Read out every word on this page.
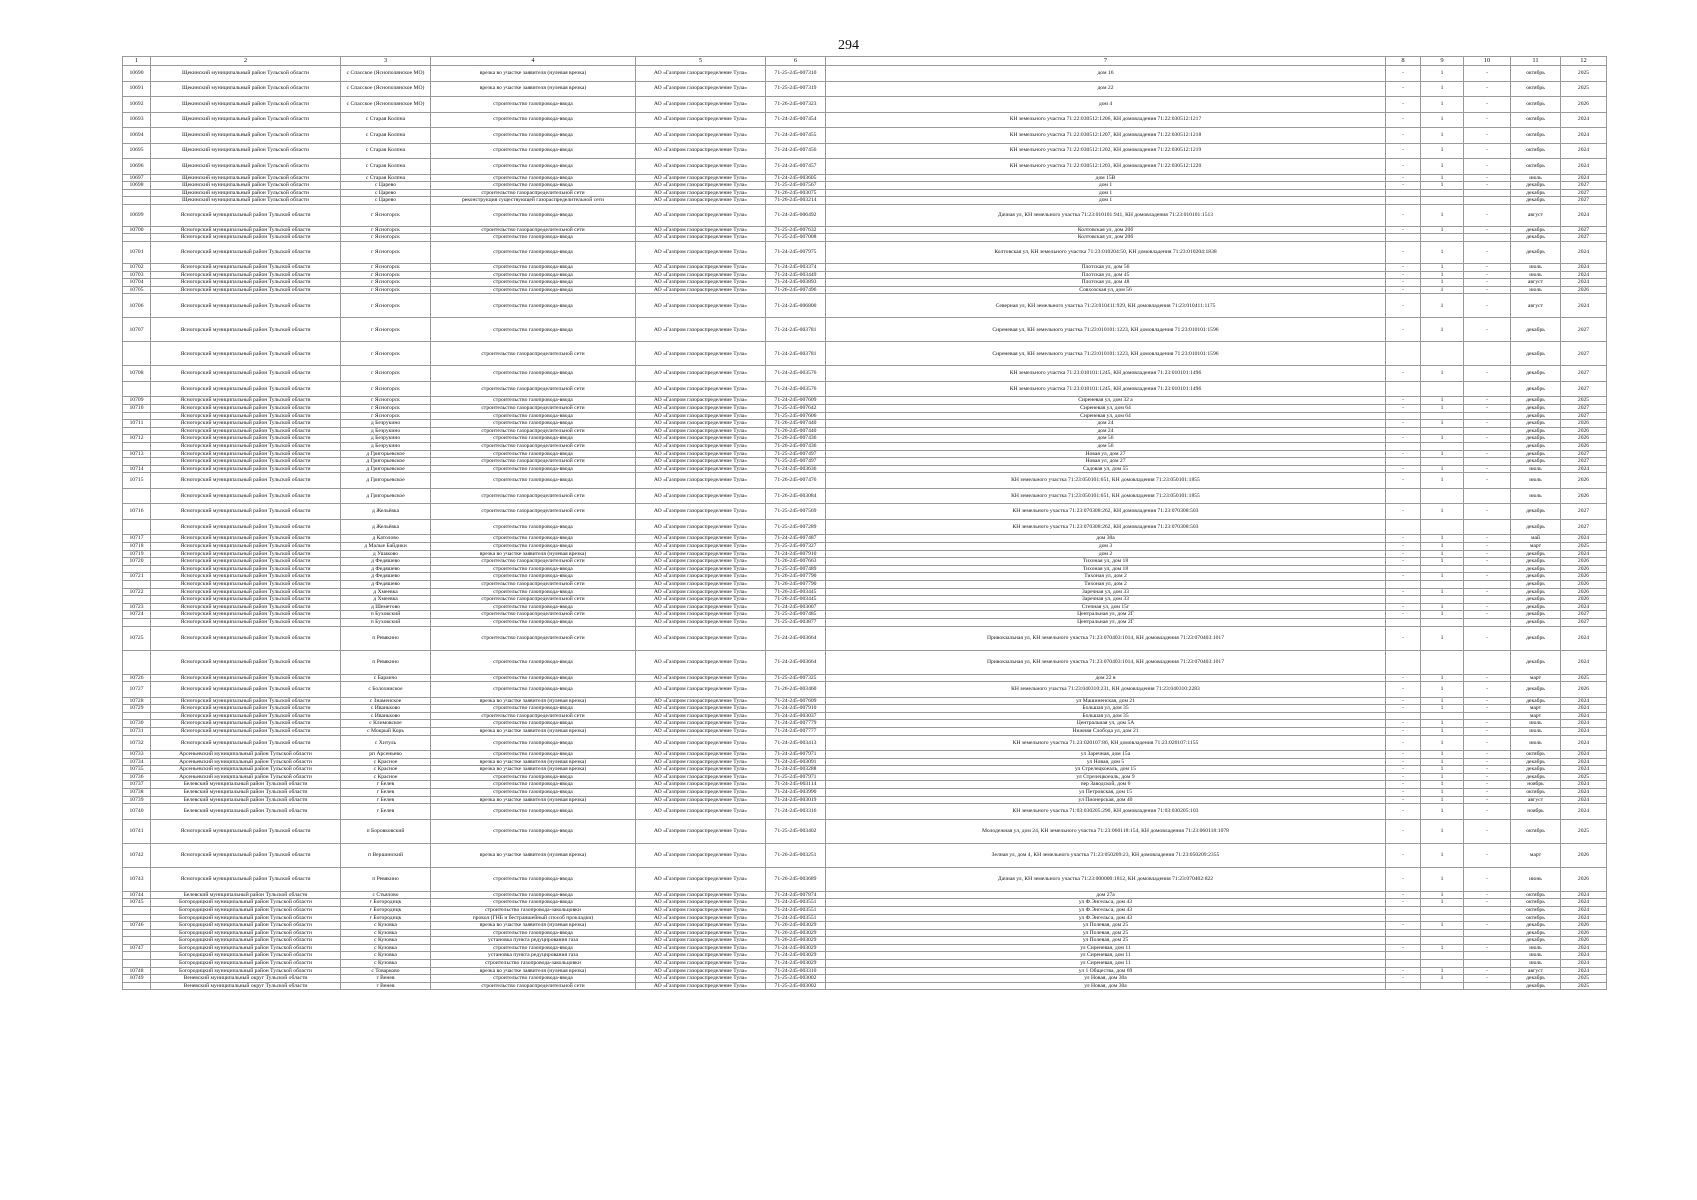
294
1	2	3	4	5	6	7	8	9	10	11	12
10690	Щекинский муниципальный район Тульской области	с Спасское (Яснополянское МО)	врезка во участке заявителя (нулевая врезка)	АО «Газпром газораспределение Тула»	71-25-245-007310	дом 16	-	1	-	октябрь	2025
10691	Щекинский муниципальный район Тульской области	с Спасское (Яснополянское МО)	врезка во участке заявителя (нулевая врезка)	АО «Газпром газораспределение Тула»	71-25-245-007319	дом 22	-	1	-	октябрь	2025
10692	Щекинский муниципальный район Тульской области	с Спасское (Яснополянское МО)	строительство газопровода-ввода	АО «Газпром газораспределение Тула»	71-26-245-007323	дом 4	-	1	-	октябрь	2026
10693	Щекинский муниципальный район Тульской области	с Старая Колпна	строительство газопровода-ввода	АО «Газпром газораспределение Тула»	71-24-245-007454	КН земельного участка 71:22:030512:1206, КН домовладения 71:22:030512:1217	-	1	-	октябрь	2024
10694	Щекинский муниципальный район Тульской области	с Старая Колпна	строительство газопровода-ввода	АО «Газпром газораспределение Тула»	71-24-245-007455	КН земельного участка 71:22:030512:1207, КН домовладения 71:22:030512:1218	-	1	-	октябрь	2024
10695	Щекинский муниципальный район Тульской области	с Старая Колпна	строительство газопровода-ввода	АО «Газпром газораспределение Тула»	71-24-245-007456	КН земельного участка 71:22:030512:1202, КН домовладения 71:22:030512:1219	-	1	-	октябрь	2024
10696	Щекинский муниципальный район Тульской области	с Старая Колпна	строительство газопровода-ввода	АО «Газпром газораспределение Тула»	71-24-245-007457	КН земельного участка 71:22:030512:1203, КН домовладения 71:22:030512:1220	-	1	-	октябрь	2024
10697	Щекинский муниципальный район Тульской области	с Старая Колпна	строительство газопровода-ввода	АО «Газпром газораспределение Тула»	71-24-245-003605	дом 15В	-	1	-	июль	2024
10698	Щекинский муниципальный район Тульской области	с Царево	строительство газопровода-ввода	АО «Газпром газораспределение Тула»	71-25-245-007567	дом 1	-	1	-	декабрь	2027
	Щекинский муниципальный район Тульской области	с Царево	строительство газораспределительной сети	АО «Газпром газораспределение Тула»	71-26-245-003075	дом 1				декабрь	2027
	Щекинский муниципальный район Тульской области	с Царево	реконструкция существующей газораспределительной сети	АО «Газпром газораспределение Тула»	71-26-245-003214	дом 1				декабрь	2027
10699	Ясногорский муниципальный район Тульской области	г Ясногорск	строительство газопровода-ввода	АО «Газпром газораспределение Тула»	71-24-245-006492	Дачная ул, КН земельного участка 71:23:010101:941, КН домовладения 71:23:010101:1513	-	1	-	август	2024
10700	Ясногорский муниципальный район Тульской области	г Ясногорск	строительство газораспределительной сети	АО «Газпром газораспределение Тула»	71-25-245-007632	Колтовская ул, дом 20б	-	1	-	декабрь	2027
	Ясногорский муниципальный район Тульской области	г Ясногорск	строительство газопровода-ввода	АО «Газпром газораспределение Тула»	71-25-245-007008	Колтовская ул, дом 20б				декабрь	2027
10701	Ясногорский муниципальный район Тульской области	г Ясногорск	строительство газопровода-ввода	АО «Газпром газораспределение Тула»	71-24-245-007975	Колтовская ул, КН земельного участка 71:23:010204:50, КН домовладения 71:23:010204:1838	-	1	-	декабрь	2024
10702	Ясногорский муниципальный район Тульской области	г Ясногорск	строительство газопровода-ввода	АО «Газпром газораспределение Тула»	71-24-245-003374	Плотская ул, дом 56	-	1	-	июль	2024
10703	Ясногорский муниципальный район Тульской области	г Ясногорск	строительство газопровода-ввода	АО «Газпром газораспределение Тула»	71-24-245-003449	Плотская ул, дом 45	-	1	-	июль	2024
10704	Ясногорский муниципальный район Тульской области	г Ясногорск	строительство газопровода-ввода	АО «Газпром газораспределение Тула»	71-24-245-003893	Плотская ул, дом 48	-	1	-	август	2024
10705	Ясногорский муниципальный район Тульской области	г Ясногорск	строительство газопровода-ввода	АО «Газпром газораспределение Тула»	71-26-245-007496	Совхозская ул, дом 56	-	1	-	июль	2026
10706	Ясногорский муниципальный район Тульской области	г Ясногорск	строительство газопровода-ввода	АО «Газпром газораспределение Тула»	71-24-245-006800	Северная ул, КН земельного участка 71:23:010411:929, КН домовладения 71:23:010411:1175	-	1	-	август	2024
10707	Ясногорский муниципальный район Тульской области	г Ясногорск	строительство газопровода-ввода	АО «Газпром газораспределение Тула»	71-24-245-003781	Сиреневая ул, КН земельного участка 71:23:010101:1223, КН домовладения 71:23:010101:1596	-	1	-	декабрь	2027
	Ясногорский муниципальный район Тульской области	г Ясногорск	строительство газораспределительной сети	АО «Газпром газораспределение Тула»	71-24-245-003781	Сиреневая ул, КН земельного участка 71:23:010101:1223, КН домовладения 71:23:010101:1596				декабрь	2027
10708	Ясногорский муниципальный район Тульской области	г Ясногорск	строительство газопровода-ввода	АО «Газпром газораспределение Тула»	71-24-245-003576	КН земельного участка 71:23:010101:1245, КН домовладения 71:23:010101:1496	-	1	-	декабрь	2027
	Ясногорский муниципальный район Тульской области	г Ясногорск	строительство газораспределительной сети	АО «Газпром газораспределение Тула»	71-24-245-003576	КН земельного участка 71:23:010101:1245, КН домовладения 71:23:010101:1496				декабрь	2027
10709	Ясногорский муниципальный район Тульской области	г Ясногорск	строительство газопровода-ввода	АО «Газпром газораспределение Тула»	71-24-245-007609	Сиреневая ул, дом 32 а	-	1	-	декабрь	2025
10710	Ясногорский муниципальный район Тульской области	г Ясногорск	строительство газораспределительной сети	АО «Газпром газораспределение Тула»	71-25-245-007642	Сиреневая ул, дом 64	-	1	-	декабрь	2027
	Ясногорский муниципальный район Тульской области	г Ясногорск	строительство газопровода-ввода	АО «Газпром газораспределение Тула»	71-25-245-007606	Сиреневая ул, дом 64				декабрь	2027
10711	Ясногорский муниципальный район Тульской области	д Безрукино	строительство газопровода-ввода	АО «Газпром газораспределение Тула»	71-26-245-007440	дом 24	-	1	-	декабрь	2026
	Ясногорский муниципальный район Тульской области	д Безрукино	строительство газораспределительной сети	АО «Газпром газораспределение Тула»	71-26-245-007440	дом 24				декабрь	2026
10712	Ясногорский муниципальный район Тульской области	д Безрукино	строительство газопровода-ввода	АО «Газпром газораспределение Тула»	71-26-245-007436	дом 56	-	1	-	декабрь	2026
	Ясногорский муниципальный район Тульской области	д Безрукино	строительство газораспределительной сети	АО «Газпром газораспределение Тула»	71-26-245-007436	дом 56				декабрь	2026
10713	Ясногорский муниципальный район Тульской области	д Григорьевское	строительство газопровода-ввода	АО «Газпром газораспределение Тула»	71-25-245-007497	Новая ул, дом 27	-	1	-	декабрь	2027
	Ясногорский муниципальный район Тульской области	д Григорьевское	строительство газораспределительной сети	АО «Газпром газораспределение Тула»	71-25-245-007497	Новая ул, дом 27				декабрь	2027
10714	Ясногорский муниципальный район Тульской области	д Григорьевское	строительство газопровода-ввода	АО «Газпром газораспределение Тула»	71-24-245-003636	Садовая ул, дом 55	-	1	-	июль	2024
10715	Ясногорский муниципальный район Тульской области	д Григорьевское	строительство газопровода-ввода	АО «Газпром газораспределение Тула»	71-26-245-007476	КН земельного участка 71:23:050101:651, КН домовладения 71:23:050101:1855	-	1	-	июль	2026
	Ясногорский муниципальный район Тульской области	д Григорьевское	строительство газораспределительной сети	АО «Газпром газораспределение Тула»	71-26-245-003084	КН земельного участка 71:23:050101:651, КН домовладения 71:23:050101:1855				июль	2026
10716	Ясногорский муниципальный район Тульской области	д Жельёвка	строительство газораспределительной сети	АО «Газпром газораспределение Тула»	71-25-245-007569	КН земельного участка 71:23:070308:262, КН домовладения 71:23:070308:503	-	1	-	декабрь	2027
	Ясногорский муниципальный район Тульской области	д Жельёвка	строительство газопровода-ввода	АО «Газпром газораспределение Тула»	71-25-245-007289	КН земельного участка 71:23:070308:262, КН домовладения 71:23:070308:503				декабрь	2027
10717	Ясногорский муниципальный район Тульской области	д Католово	строительство газопровода-ввода	АО «Газпром газораспределение Тула»	71-24-245-007487	дом 30а	-	1	-	май	2024
10718	Ясногорский муниципальный район Тульской области	д Малые Байдики	строительство газопровода-ввода	АО «Газпром газораспределение Тула»	71-25-245-007327	дом 3	-	1	-	март	2025
10719	Ясногорский муниципальный район Тульской области	д Ушаково	врезка во участке заявителя (нулевая врезка)	АО «Газпром газораспределение Тула»	71-24-245-007910	дом 2	-	1	-	декабрь	2024
10720	Ясногорский муниципальный район Тульской области	д Федяшево	строительство газораспределительной сети	АО «Газпром газораспределение Тула»	71-26-245-007663	Тихоная ул, дом 18	-	1	-	декабрь	2026
	Ясногорский муниципальный район Тульской области	д Федяшево	строительство газопровода-ввода	АО «Газпром газораспределение Тула»	71-25-245-007489	Тихоная ул, дом 18				декабрь	2026
10721	Ясногорский муниципальный район Тульской области	д Федяшево	строительство газопровода-ввода	АО «Газпром газораспределение Тула»	71-26-245-007790	Тихоная ул, дом 2	-	1	-	декабрь	2026
	Ясногорский муниципальный район Тульской области	д Федяшево	строительство газораспределительной сети	АО «Газпром газораспределение Тула»	71-26-245-007790	Тихоная ул, дом 2				декабрь	2026
10722	Ясногорский муниципальный район Тульской области	д Хмеевка	строительство газопровода-ввода	АО «Газпром газораспределение Тула»	71-26-245-003445	Заречная ул, дом 33	-	1	-	декабрь	2026
	Ясногорский муниципальный район Тульской области	д Хмеевка	строительство газораспределительной сети	АО «Газпром газораспределение Тула»	71-26-245-003445	Заречная ул, дом 33				декабрь	2026
10723	Ясногорский муниципальный район Тульской области	д Шеметово	строительство газопровода-ввода	АО «Газпром газораспределение Тула»	71-24-245-003007	Степная ул, дом 15г	-	1	-	декабрь	2024
10724	Ясногорский муниципальный район Тульской области	п Буховский	строительство газораспределительной сети	АО «Газпром газораспределение Тула»	71-25-245-007485	Центральная ул, дом 2Г	-	1	-	декабрь	2027
	Ясногорский муниципальный район Тульской области	п Буховский	строительство газопровода-ввода	АО «Газпром газораспределение Тула»	71-25-245-003877	Центральная ул, дом 2Г				декабрь	2027
10725	Ясногорский муниципальный район Тульской области	п Ревякино	строительство газораспределительной сети	АО «Газпром газораспределение Тула»	71-24-245-003664	Привокзальная ул, КН земельного участка 71:23:070403:1014, КН домовладения 71:23:070403:1017	-	1	-	декабрь	2024
	Ясногорский муниципальный район Тульской области	п Ревякино	строительство газопровода-ввода	АО «Газпром газораспределение Тула»	71-24-245-003664	Привокзальная ул, КН земельного участка 71:23:070403:1014, КН домовладения 71:23:070403:1017				декабрь	2024
10726	Ясногорский муниципальный район Тульской области	с Баранчо	строительство газопровода-ввода	АО «Газпром газораспределение Тула»	71-25-245-007325	дом 22 в	-	1	-	март	2025
10727	Ясногорский муниципальный район Тульской области	с Болохниское	строительство газопровода-ввода	АО «Газпром газораспределение Тула»	71-26-245-003460	КН земельного участка 71:23:040310:231, КН домовладения 71:23:040310:2283	-	1	-	декабрь	2026
10728	Ясногорский муниципальный район Тульской области	с Знаменское	врезка во участке заявителя (нулевая врезка)	АО «Газпром газораспределение Тула»	71-24-245-007609	ул Машиненская, дом 21	-	1	-	декабрь	2024
10729	Ясногорский муниципальный район Тульской области	с Иваньково	строительство газопровода-ввода	АО «Газпром газораспределение Тула»	71-24-245-007910	Большая ул, дом 35	-	1	-	март	2024
	Ясногорский муниципальный район Тульской области	с Иваньково	строительство газораспределительной сети	АО «Газпром газораспределение Тула»	71-24-245-003037	Большая ул, дом 35				март	2024
10730	Ясногорский муниципальный район Тульской области	с Климовское	строительство газопровода-ввода	АО «Газпром газораспределение Тула»	71-24-245-007779	Центральная ул, дом 5А	-	1	-	июль	2024
10731	Ясногорский муниципальный район Тульской области	с Мокрый Корь	врезка во участке заявителя (нулевая врезка)	АО «Газпром газораспределение Тула»	71-24-245-007777	Нижняя Слобода ул, дом 21	-	1	-	июль	2024
10732	Ясногорский муниципальный район Тульской области	с Хитуль	строительство газопровода-ввода	АО «Газпром газораспределение Тула»	71-24-245-003413	КН земельного участка 71:23:020107:86, КН домовладения 71:23:020107:1155	-	1	-	июль	2024
10733	Арсеньевский муниципальный район Тульской области	рп Арсеньево	строительство газопровода-ввода	АО «Газпром газораспределение Тула»	71-24-245-007971	ул Заречная, дом 15а	-	1	-	октябрь	2024
10734	Арсеньевский муниципальный район Тульской области	с Красное	врезка во участке заявителя (нулевая врезка)	АО «Газпром газораспределение Тула»	71-24-245-003091	ул Новая, дом 5	-	1	-	декабрь	2024
10735	Арсеньевский муниципальный район Тульской области	с Красное	врезка во участке заявителя (нулевая врезка)	АО «Газпром газораспределение Тула»	71-24-245-003288	ул Стрелецкоеаль, дом 15	-	1	-	декабрь	2024
10736	Арсеньевский муниципальный район Тульской области	с Красное	строительство газопровода-ввода	АО «Газпром газораспределение Тула»	71-25-245-007971	ул Стрелецкоеаль, дом 9	-	1	-	декабрь	2025
10737	Белевский муниципальный район Тульской области	г Белев	строительство газопровода-ввода	АО «Газпром газораспределение Тула»	71-24-245-003114	пер Заводской, дом 6	-	1	-	ноябрь	2024
10738	Белевский муниципальный район Тульской области	г Белев	строительство газопровода-ввода	АО «Газпром газораспределение Тула»	71-24-245-003990	ул Петровская, дом 15	-	1	-	октябрь	2024
10739	Белевский муниципальный район Тульской области	г Белев	врезка во участке заявителя (нулевая врезка)	АО «Газпром газораспределение Тула»	71-24-245-003019	ул Пионерская, дом 40	-	1	-	август	2024
10740	Белевский муниципальный район Тульской области	г Белев	строительство газопровода-ввода	АО «Газпром газораспределение Тула»	71-24-245-003316	КН земельного участка 71:03:030205:290, КН домовладения 71:03:030205:103	-	1	-	ноябрь	2024
10741	Ясногорский муниципальный район Тульской области	п Боровковский	строительство газопровода-ввода	АО «Газпром газораспределение Тула»	71-25-245-003402	Молодежная ул, дом 24, КН земельного участка 71:23:060118:154, КН домовладения 71:23:060118:1078	-	1	-	октябрь	2025
10742	Ясногорский муниципальный район Тульской области	п Вершинский	врезка во участке заявителя (нулевая врезка)	АО «Газпром газораспределение Тула»	71-26-245-003251	Зелная ул, дом 4, КН земельного участка 71:23:050209:23, КН домовладения 71:23:050209:2355	-	1	-	март	2026
10743	Ясногорский муниципальный район Тульской области	п Ревякино	строительство газопровода-ввода	АО «Газпром газораспределение Тула»	71-26-245-003689	Дачная ул, КН земельного участка 71:23:000000:1812, КН домовладения 71:23:070402:822	-	1	-	июнь	2026
10744	Белевский муниципальный район Тульской области	с Стьялово	строительство газопровода-ввода	АО «Газпром газораспределение Тула»	71-24-245-007874	дом 27а	-	1	-	октябрь	2024
10745	Богородицкий муниципальный район Тульской области	г Богородицк	строительство газопровода-ввода	АО «Газпром газораспределение Тула»	71-24-245-003551	ул Ф.Энгельса, дом 43	-	1	-	октябрь	2024
	Богородицкий муниципальный район Тульской области	г Богородицк	строительство газопровода-закольцовки	АО «Газпром газораспределение Тула»	71-24-245-003551	ул Ф.Энгельса, дом 43				октябрь	2024
	Богородицкий муниципальный район Тульской области	г Богородицк	прокол (ГНБ и бестраншейный способ прокладки)	АО «Газпром газораспределение Тула»	71-24-245-003551	ул Ф.Энгельса, дом 43				октябрь	2024
10746	Богородицкий муниципальный район Тульской области	с Кузовка	врезка во участке заявителя (нулевая врезка)	АО «Газпром газораспределение Тула»	71-26-245-003029	ул Полевая, дом 25	-	1	-	декабрь	2026
	Богородицкий муниципальный район Тульской области	с Кузовка	строительство газопровода-ввода	АО «Газпром газораспределение Тула»	71-26-245-003029	ул Полевая, дом 25				декабрь	2026
	Богородицкий муниципальный район Тульской области	с Кузовка	установка пункта редуцирования газа	АО «Газпром газораспределение Тула»	71-26-245-003029	ул Полевая, дом 25				декабрь	2026
10747	Богородицкий муниципальный район Тульской области	с Кузовка	строительство газопровода-ввода	АО «Газпром газораспределение Тула»	71-24-245-003029	ул Сиреневая, дом 11	-	1	-	июль	2024
	Богородицкий муниципальный район Тульской области	с Кузовка	установка пункта редуцирования газа	АО «Газпром газораспределение Тула»	71-24-245-003029	ул Сиреневая, дом 11				июль	2024
	Богородицкий муниципальный район Тульской области	с Кузовка	строительство газопровода-закольцовки	АО «Газпром газораспределение Тула»	71-24-245-003029	ул Сиреневая, дом 11				июль	2024
10748	Богородицкий муниципальный район Тульской области	с Товарково	врезка во участке заявителя (нулевая врезка)	АО «Газпром газораспределение Тула»	71-24-245-003310	ул 1 Общества, дом 69	-	1	-	август	2024
10749	Веневский муниципальный округ Тульской области	г Венев	строительство газопровода-ввода	АО «Газпром газораспределение Тула»	71-25-245-003002	ул Новая, дом 30а	-	1	-	декабрь	2025
	Веневский муниципальный округ Тульской области	г Венев	строительство газораспределительной сети	АО «Газпром газораспределение Тула»	71-25-245-003002	ул Новая, дом 30а				декабрь	2025
